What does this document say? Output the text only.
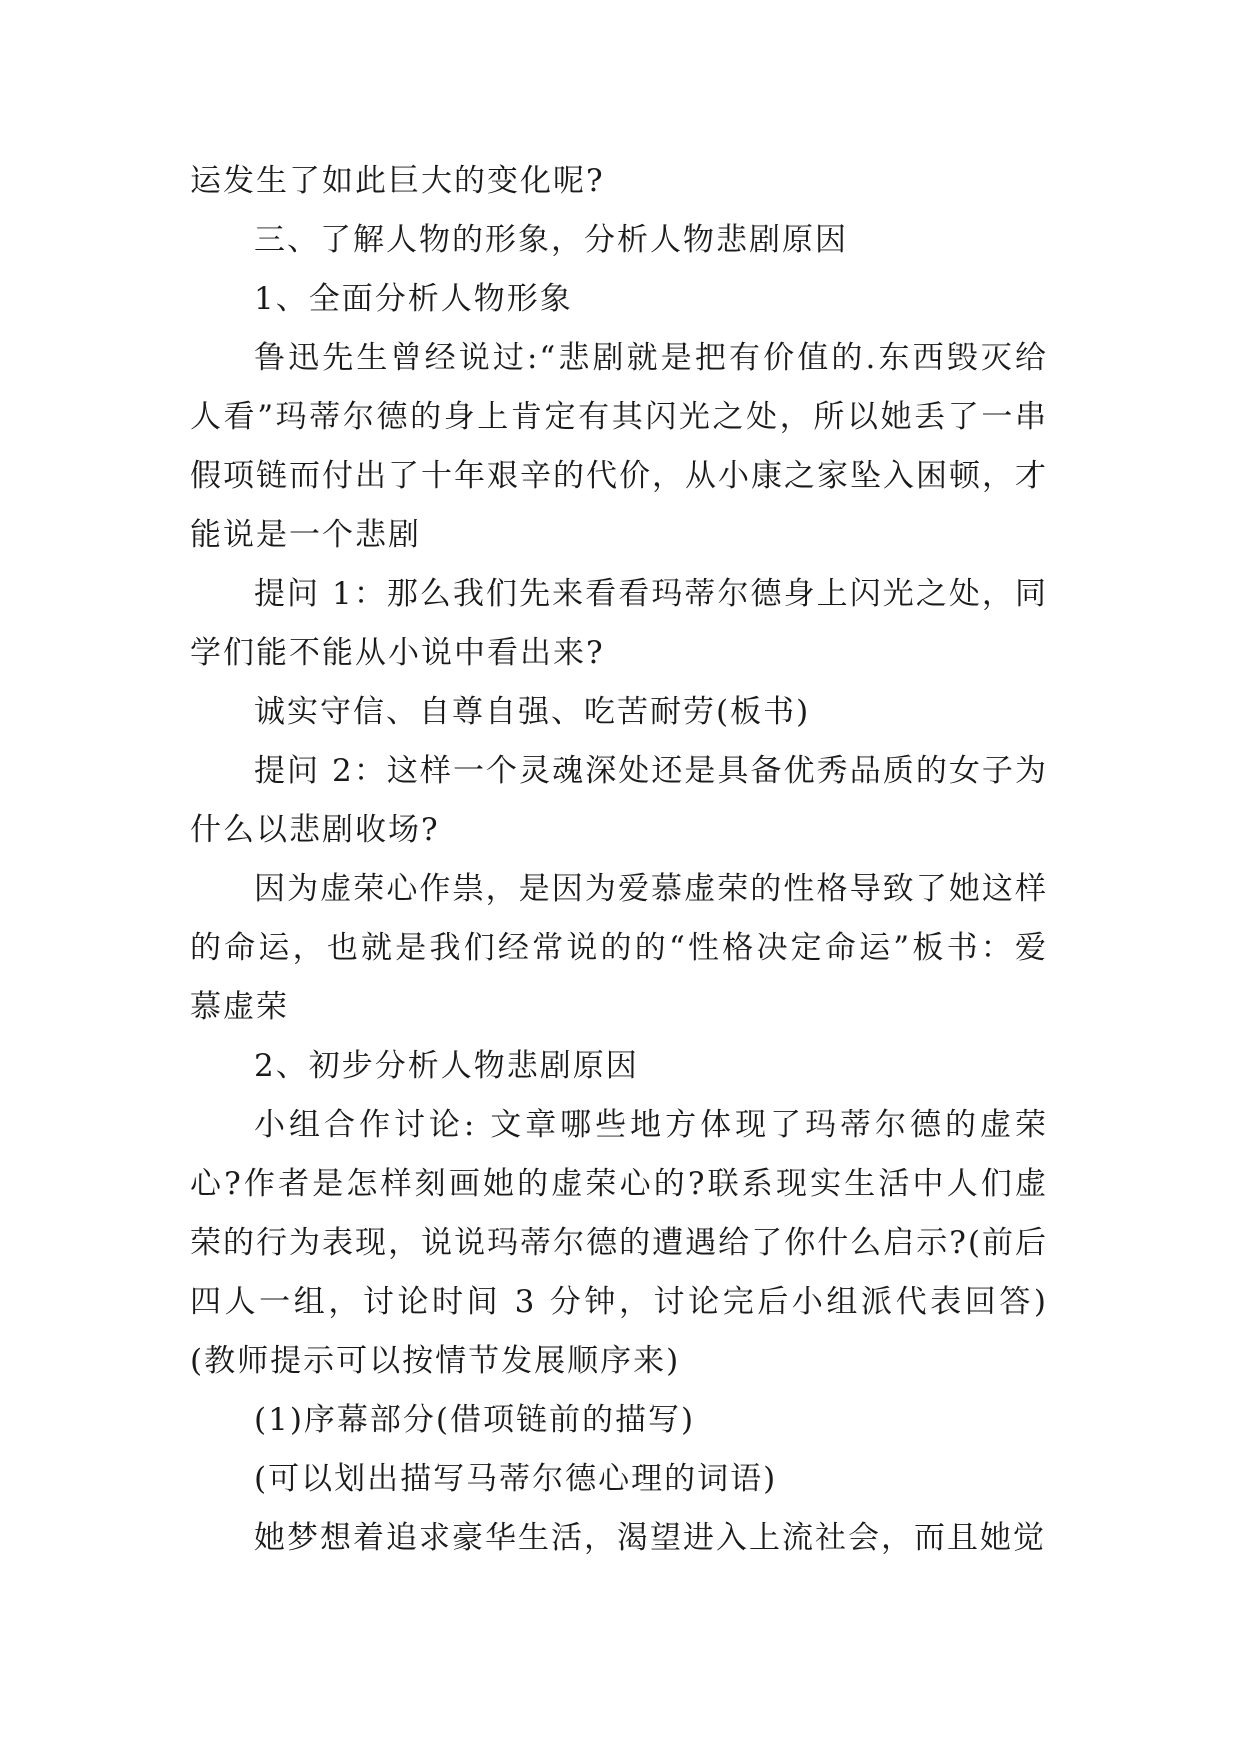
运发生了如此巨大的变化呢?

三、了解人物的形象，分析人物悲剧原因

1、全面分析人物形象

鲁迅先生曾经说过:“悲剧就是把有价值的.东西毁灭给人看”玛蒂尔德的身上肯定有其闪光之处，所以她丢了一串假项链而付出了十年艰辛的代价，从小康之家坠入困顿，才能说是一个悲剧

提问 1：那么我们先来看看玛蒂尔德身上闪光之处，同学们能不能从小说中看出来?

诚实守信、自尊自强、吃苦耐劳(板书)

提问 2：这样一个灵魂深处还是具备优秀品质的女子为什么以悲剧收场?

因为虚荣心作祟，是因为爱慕虚荣的性格导致了她这样的命运，也就是我们经常说的的“性格决定命运”板书：爱慕虚荣

2、初步分析人物悲剧原因

小组合作讨论: 文章哪些地方体现了玛蒂尔德的虚荣心?作者是怎样刻画她的虚荣心的?联系现实生活中人们虚荣的行为表现，说说玛蒂尔德的遭遇给了你什么启示?(前后四人一组，讨论时间 3 分钟，讨论完后小组派代表回答)(教师提示可以按情节发展顺序来)

(1)序幕部分(借项链前的描写)

(可以划出描写马蒂尔德心理的词语)

她梦想着追求豪华生活，渴望进入上流社会，而且她觉
